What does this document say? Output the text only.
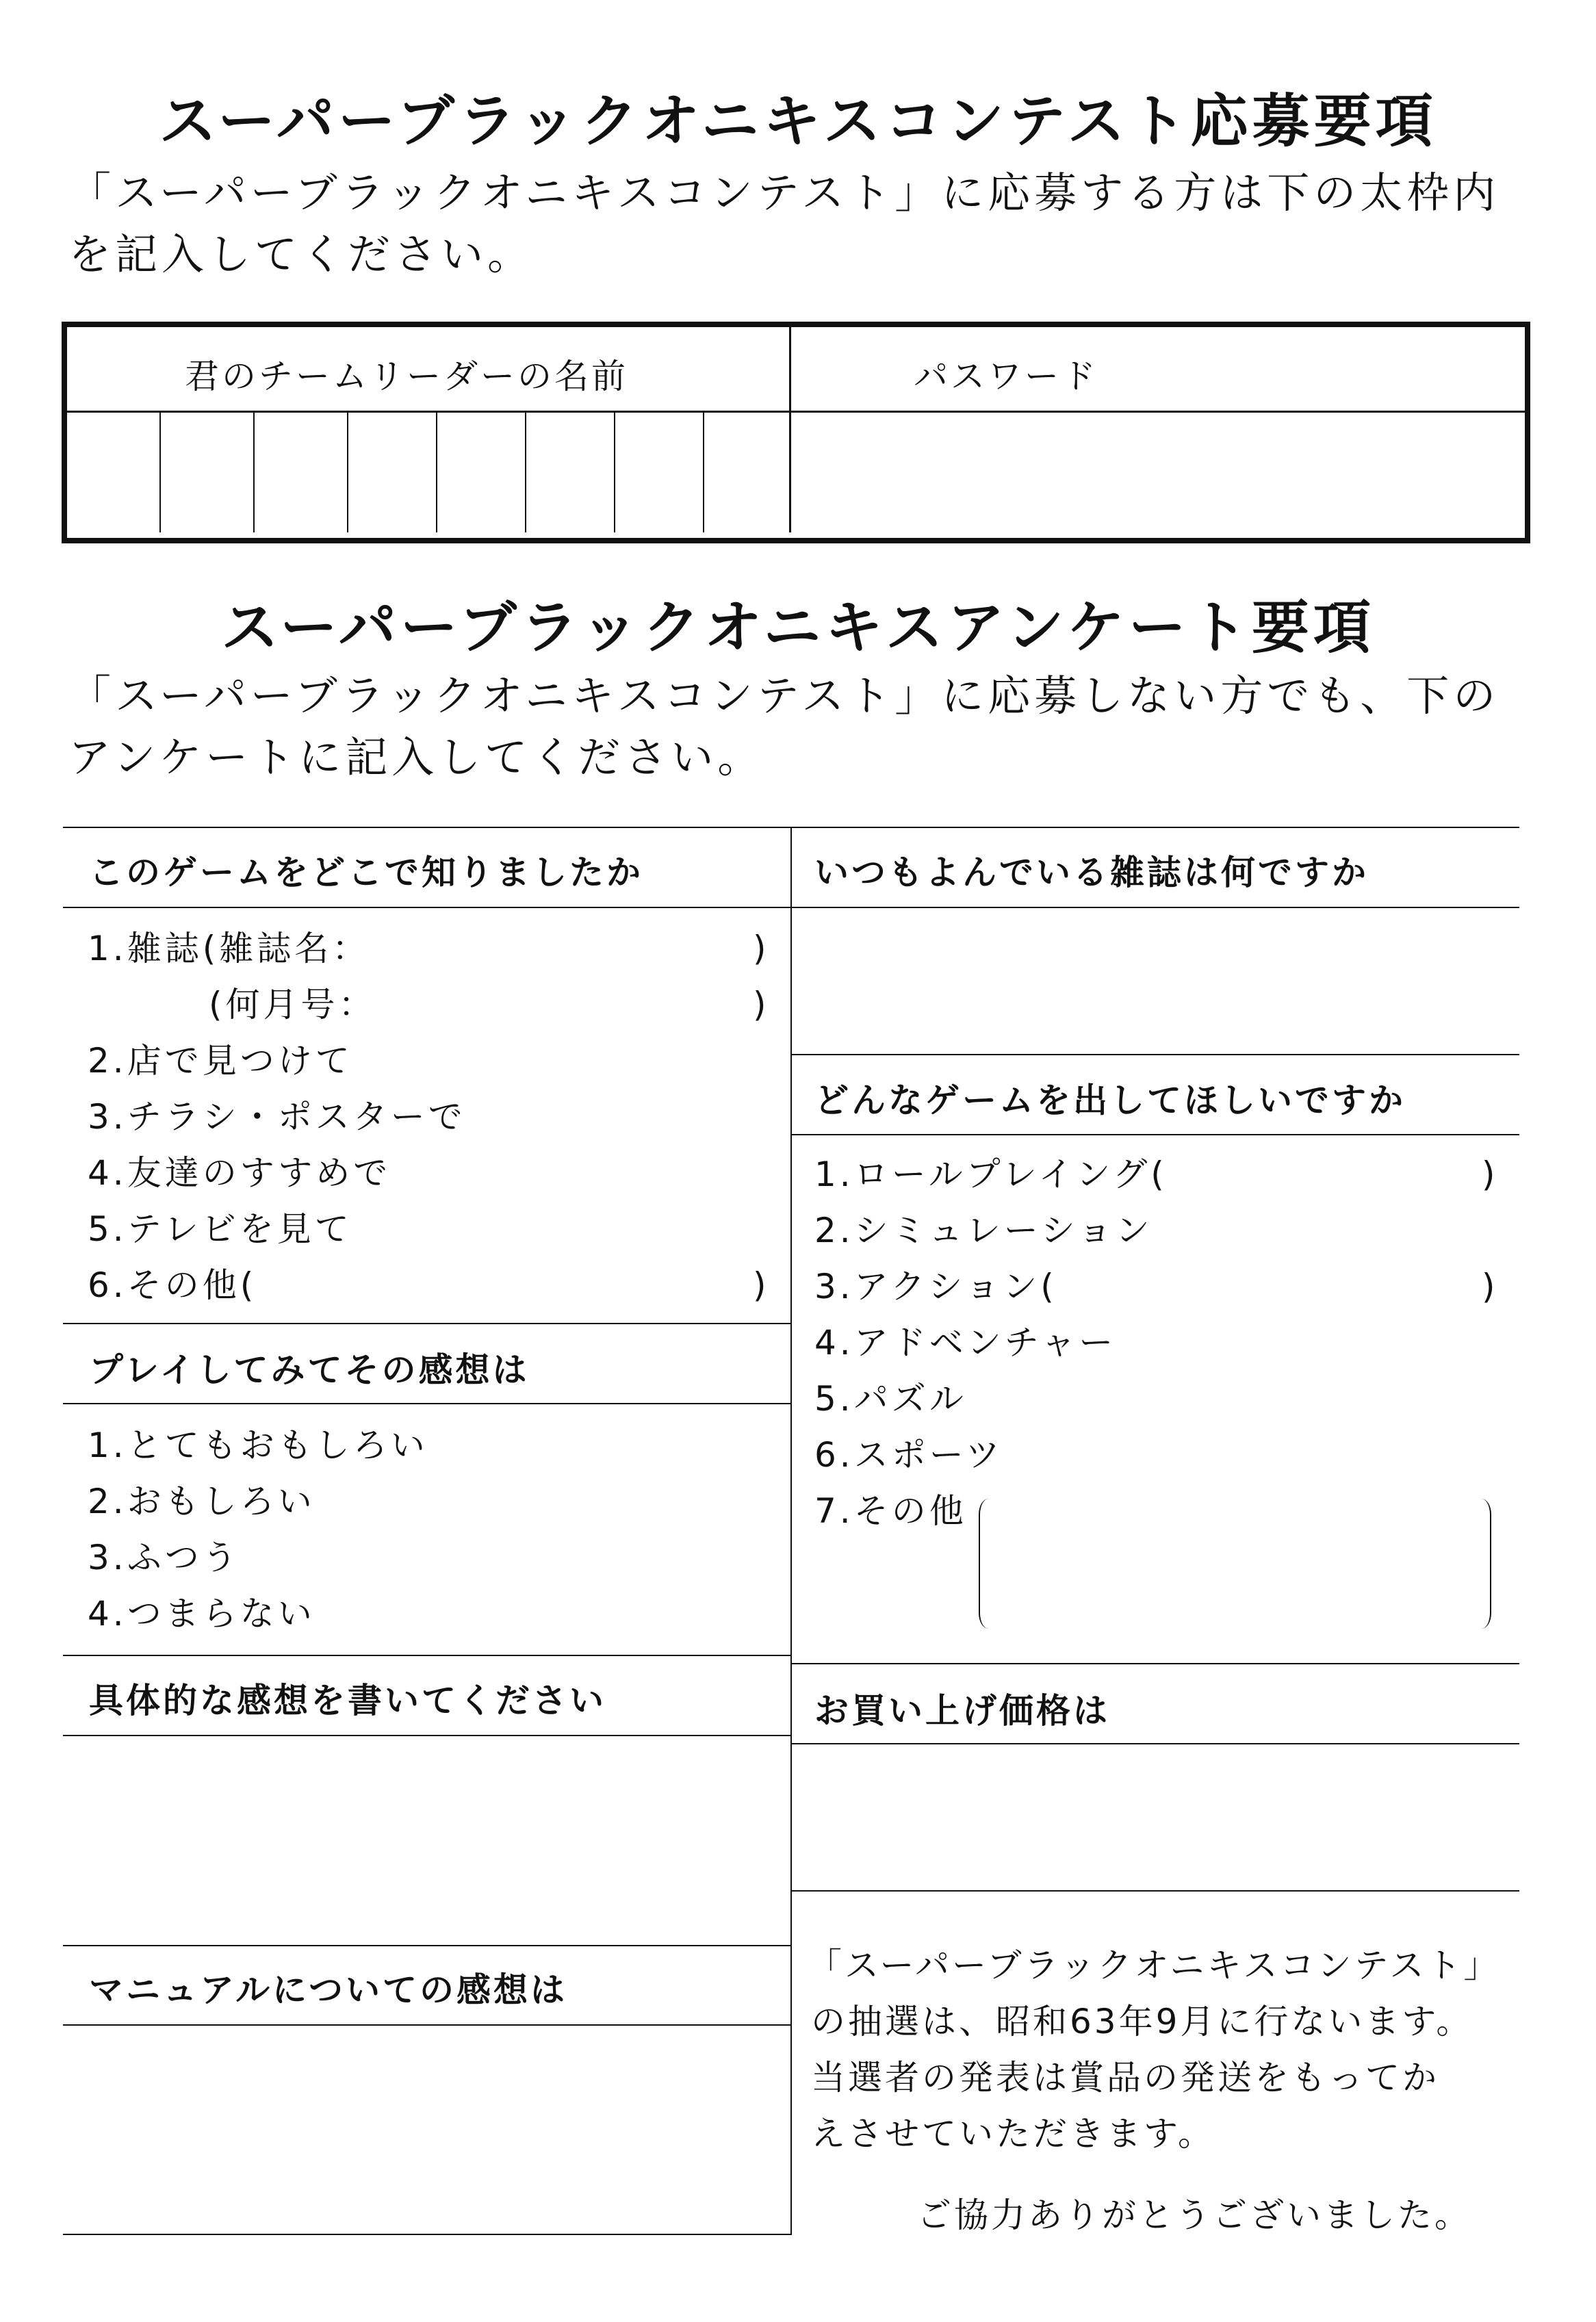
スーパーブラックオニキスコンテスト応募要項
「スーパーブラックオニキスコンテスト」に応募する方は下の太枠内
を記入してください。
君のチームリーダーの名前	パスワード
スーパーブラックオニキスアンケート要項
「スーパーブラックオニキスコンテスト」に応募しない方でも、下の
アンケートに記入してください。
このゲームをどこで知りましたか
1.雑誌(雑誌名：	)
(何月号：	)
2.店で見つけて
3.チラシ・ポスターで
4.友達のすすめで
5.テレビを見て
6.その他(	)
プレイしてみてその感想は
1.とてもおもしろい
2.おもしろい
3.ふつう
4.つまらない
具体的な感想を書いてください
マニュアルについての感想は
いつもよんでいる雑誌は何ですか
どんなゲームを出してほしいですか
1.ロールプレイング(	)
2.シミュレーション
3.アクション(	)
4.アドベンチャー
5.パズル
6.スポーツ
7.その他
お買い上げ価格は
「スーパーブラックオニキスコンテスト」
の抽選は、昭和63年9月に行ないます。
当選者の発表は賞品の発送をもってか
えさせていただきます。
ご協力ありがとうございました。
